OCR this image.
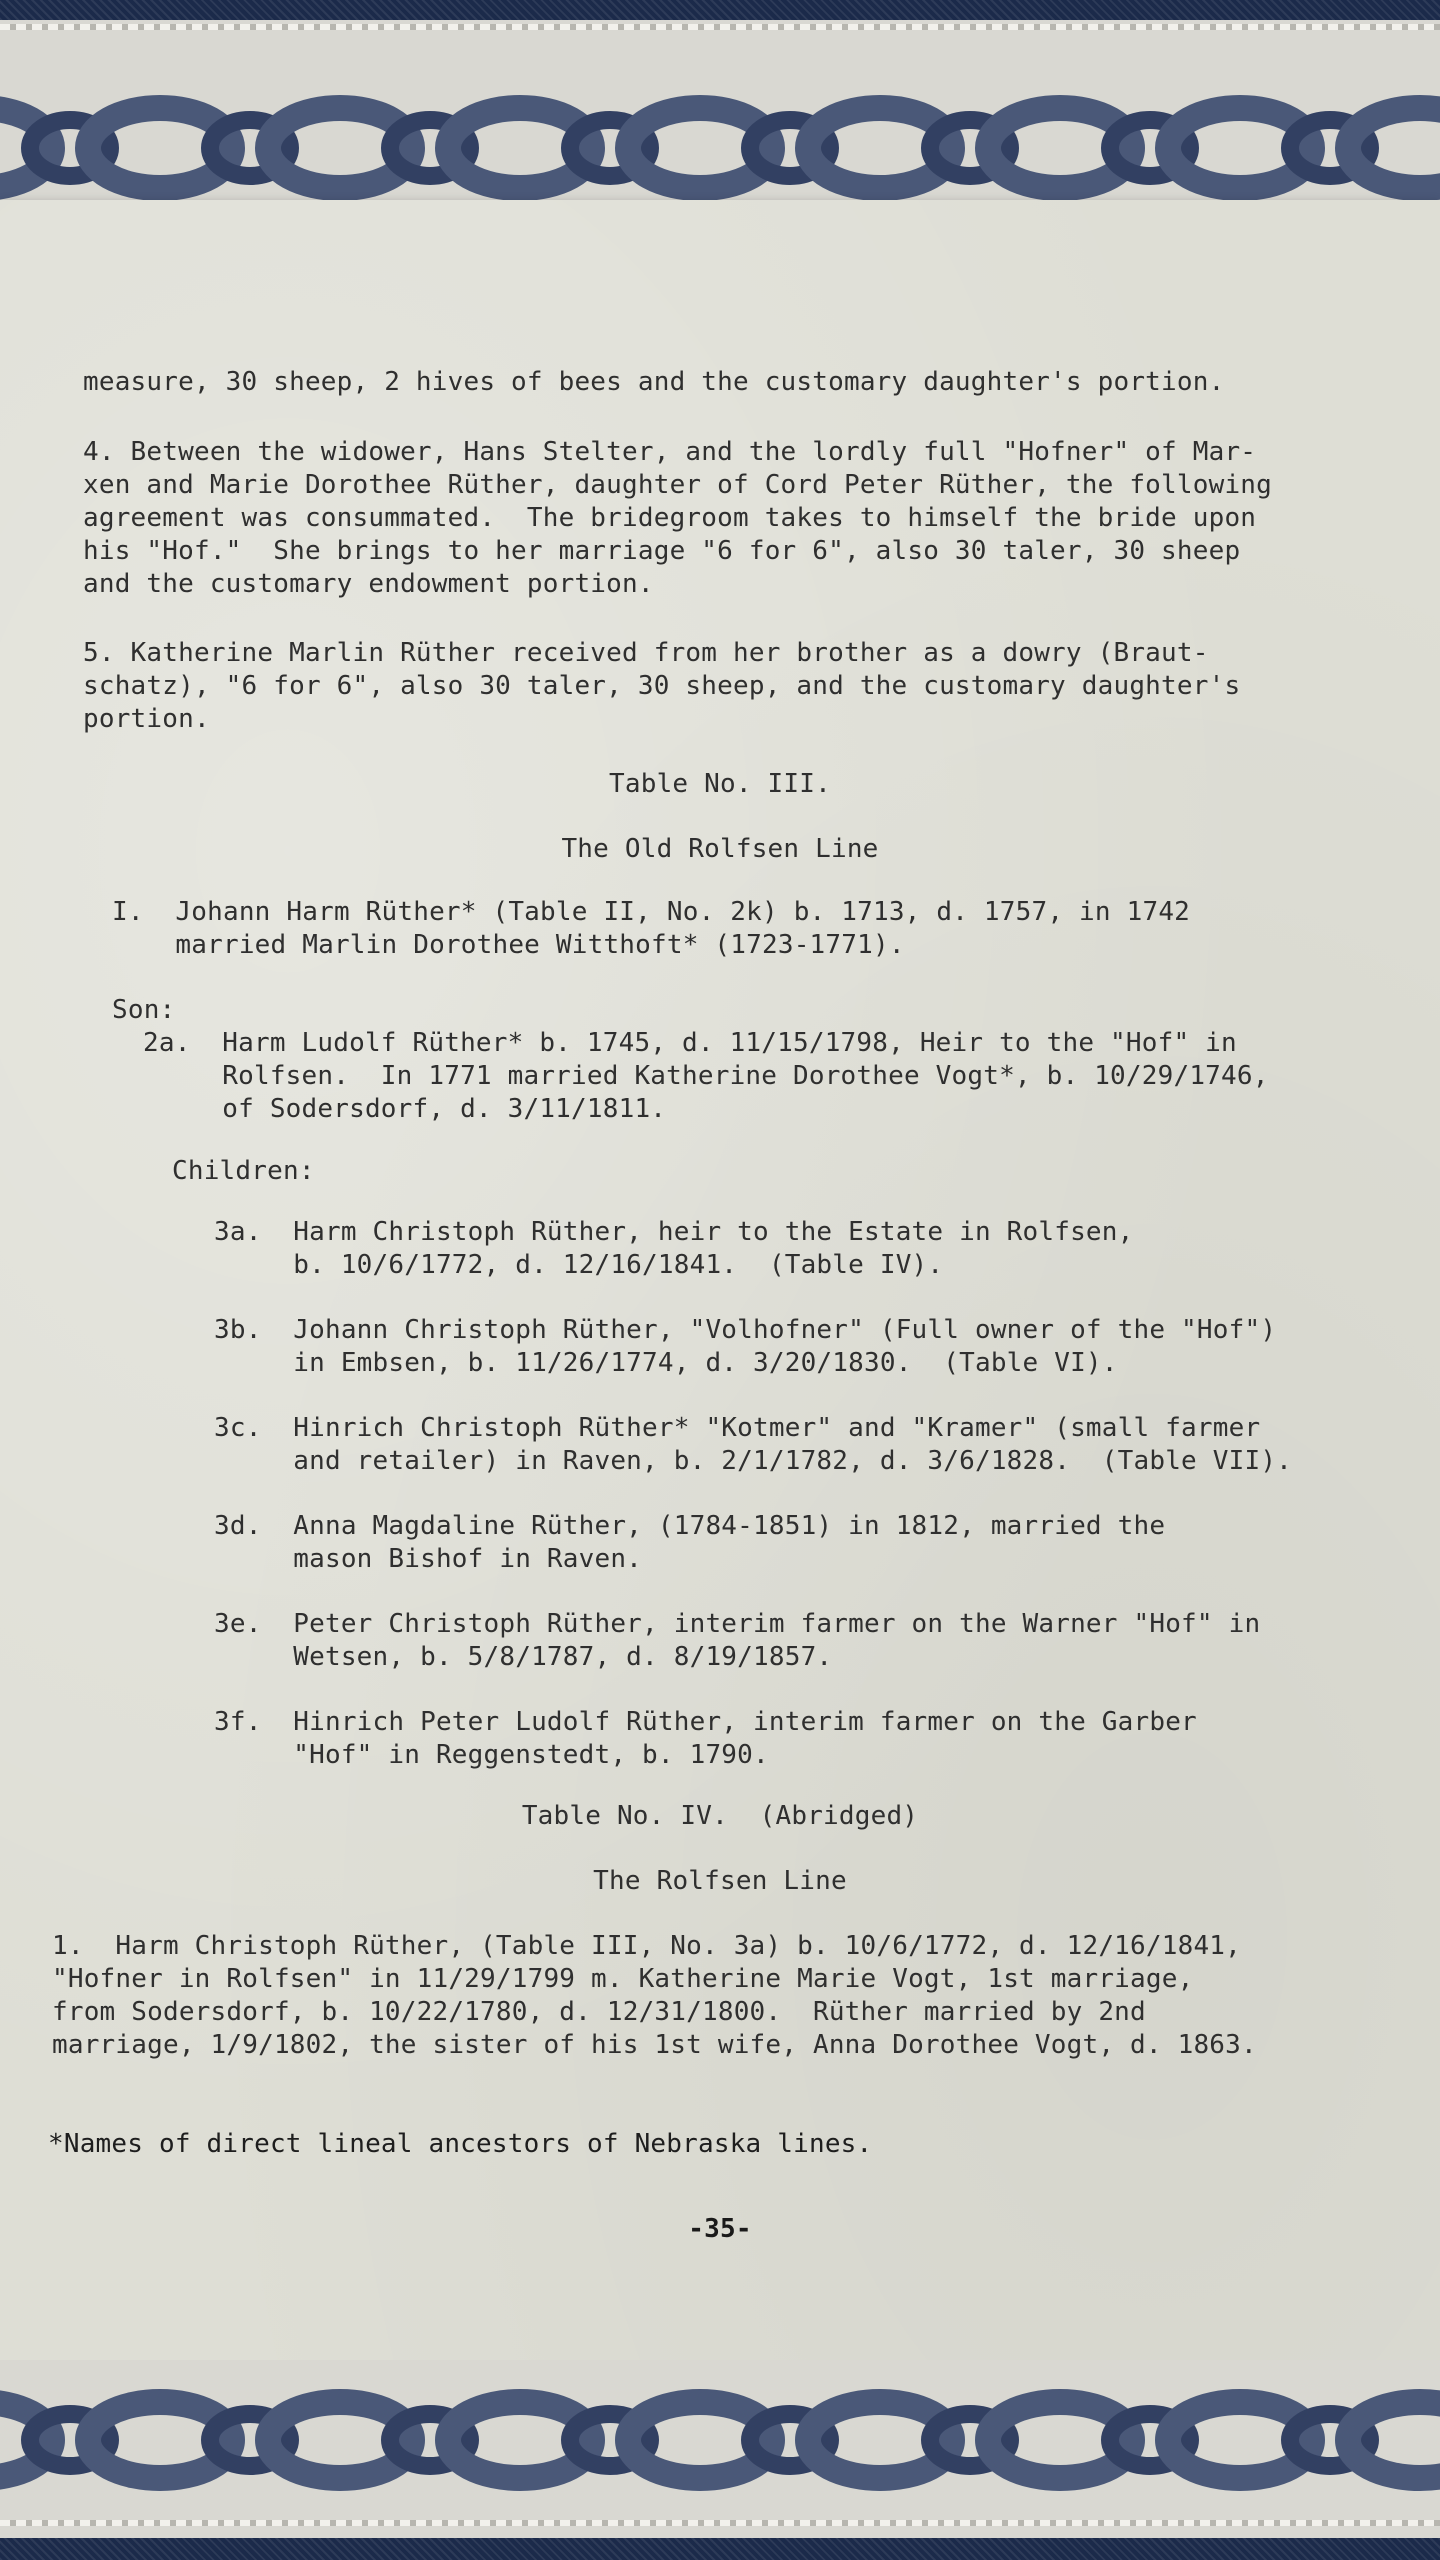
measure, 30 sheep, 2 hives of bees and the customary daughter's portion.

4. Between the widower, Hans Stelter, and the lordly full "Hofner" of Mar-

xen and Marie Dorothee Rüther, daughter of Cord Peter Rüther, the following

agreement was consummated.  The bridegroom takes to himself the bride upon

his "Hof."  She brings to her marriage "6 for 6", also 30 taler, 30 sheep

and the customary endowment portion.

5. Katherine Marlin Rüther received from her brother as a dowry (Braut-

schatz), "6 for 6", also 30 taler, 30 sheep, and the customary daughter's

portion.

Table No. III.

The Old Rolfsen Line

I.  Johann Harm Rüther* (Table II, No. 2k) b. 1713, d. 1757, in 1742

married Marlin Dorothee Witthoft* (1723-1771).

Son:

2a.  Harm Ludolf Rüther* b. 1745, d. 11/15/1798, Heir to the "Hof" in

Rolfsen.  In 1771 married Katherine Dorothee Vogt*, b. 10/29/1746,

of Sodersdorf, d. 3/11/1811.

Children:

3a.  Harm Christoph Rüther, heir to the Estate in Rolfsen,

b. 10/6/1772, d. 12/16/1841.  (Table IV).

3b.  Johann Christoph Rüther, "Volhofner" (Full owner of the "Hof")

in Embsen, b. 11/26/1774, d. 3/20/1830.  (Table VI).

3c.  Hinrich Christoph Rüther* "Kotmer" and "Kramer" (small farmer

and retailer) in Raven, b. 2/1/1782, d. 3/6/1828.  (Table VII).

3d.  Anna Magdaline Rüther, (1784-1851) in 1812, married the

mason Bishof in Raven.

3e.  Peter Christoph Rüther, interim farmer on the Warner "Hof" in

Wetsen, b. 5/8/1787, d. 8/19/1857.

3f.  Hinrich Peter Ludolf Rüther, interim farmer on the Garber

"Hof" in Reggenstedt, b. 1790.

Table No. IV.  (Abridged)

The Rolfsen Line

1.  Harm Christoph Rüther, (Table III, No. 3a) b. 10/6/1772, d. 12/16/1841,

"Hofner in Rolfsen" in 11/29/1799 m. Katherine Marie Vogt, 1st marriage,

from Sodersdorf, b. 10/22/1780, d. 12/31/1800.  Rüther married by 2nd

marriage, 1/9/1802, the sister of his 1st wife, Anna Dorothee Vogt, d. 1863.

*Names of direct lineal ancestors of Nebraska lines.

-35-
